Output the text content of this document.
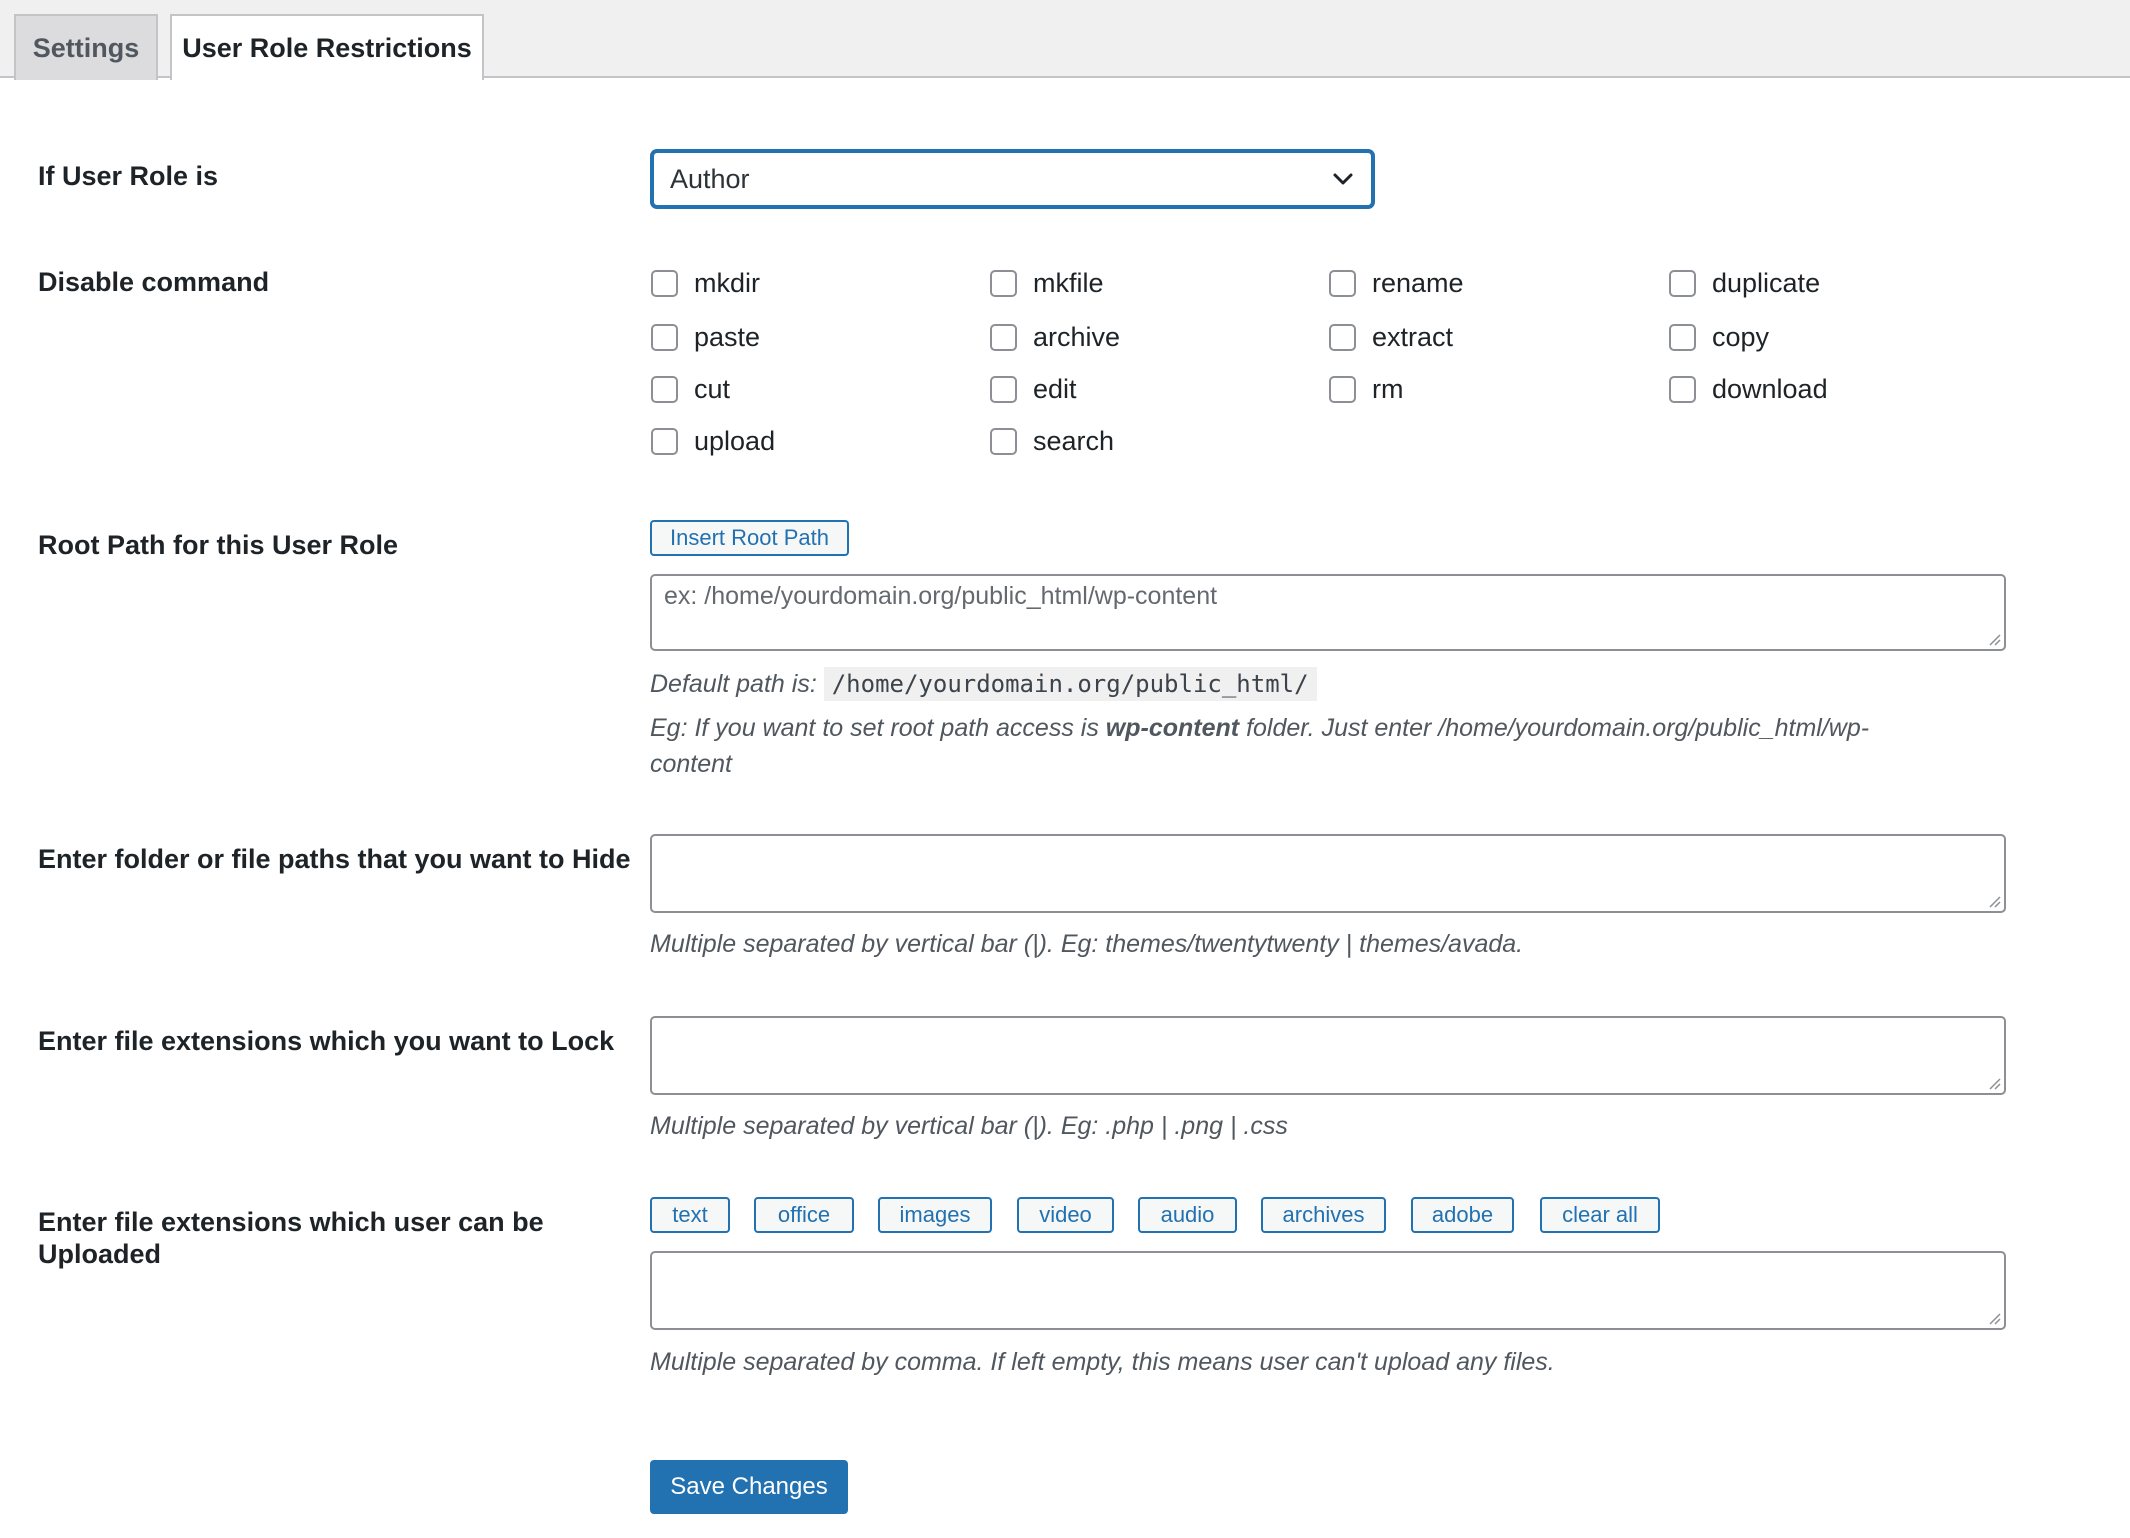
Settings	User Role Restrictions
If User Role is	Author
Disable command	mkdir	mkfile	rename	duplicate
paste	archive	extract	copy
cut	edit	rm	download
upload	search
Root Path for this User Role	Insert Root Path
ex: /home/yourdomain.org/public_html/wp-content
Default path is: /home/yourdomain.org/public_html/
Eg: If you want to set root path access is wp-content folder. Just enter /home/yourdomain.org/public_html/wp-
content
Enter folder or file paths that you want to Hide
Multiple separated by vertical bar (|). Eg: themes/twentytwenty | themes/avada.
Enter file extensions which you want to Lock
Multiple separated by vertical bar (|). Eg: .php | .png | .css
Enter file extensions which user can be
Uploaded
text	office	images	video	audio	archives	adobe	clear all
Multiple separated by comma. If left empty, this means user can't upload any files.
Save Changes
